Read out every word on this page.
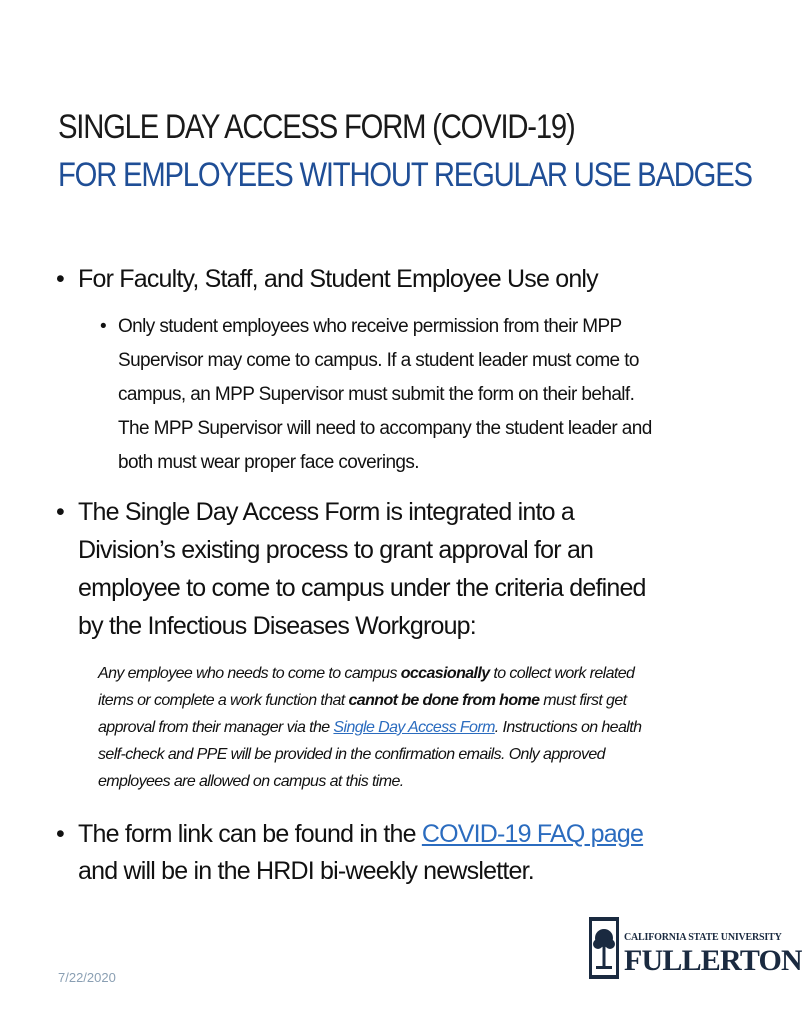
SINGLE DAY ACCESS FORM (COVID-19)
FOR EMPLOYEES WITHOUT REGULAR USE BADGES
• For Faculty, Staff, and Student Employee Use only
• Only student employees who receive permission from their MPP Supervisor may come to campus. If a student leader must come to campus, an MPP Supervisor must submit the form on their behalf. The MPP Supervisor will need to accompany the student leader and both must wear proper face coverings.
• The Single Day Access Form is integrated into a Division’s existing process to grant approval for an employee to come to campus under the criteria defined by the Infectious Diseases Workgroup:

Any employee who needs to come to campus occasionally to collect work related items or complete a work function that cannot be done from home must first get approval from their manager via the Single Day Access Form. Instructions on health self-check and PPE will be provided in the confirmation emails. Only approved employees are allowed on campus at this time.

• The form link can be found in the COVID-19 FAQ page and will be in the HRDI bi-weekly newsletter.

7/22/2020

CALIFORNIA STATE UNIVERSITY

FULLERTON
